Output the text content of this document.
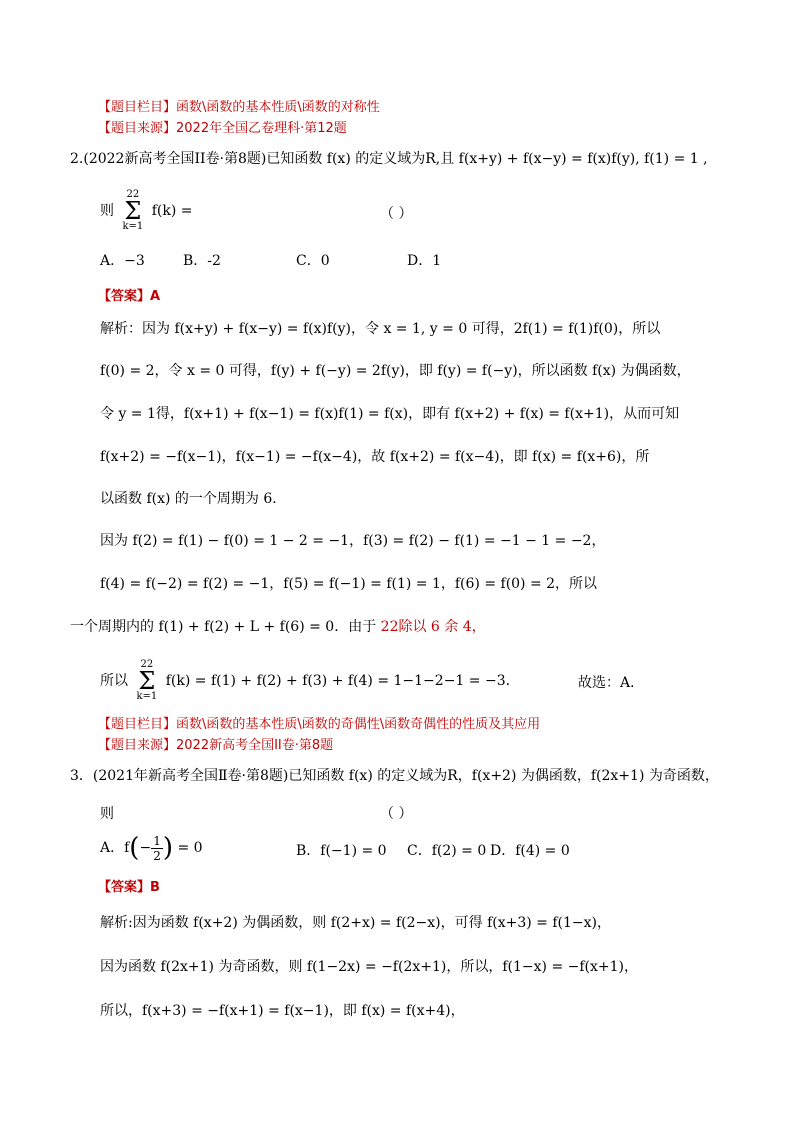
【题目栏目】函数\函数的基本性质\函数的对称性
【题目来源】2022年全国乙卷理科·第12题
2.(2022新高考全国II卷·第8题)已知函数 f(x) 的定义域为R,且 f(x+y) + f(x−y) = f(x)f(y), f(1) = 1 ,
则 22
Σ
k=1 f(k) =	（ ）
A．−3	B．-2	C．0	D．1
【答案】A
解析：因为 f(x+y) + f(x−y) = f(x)f(y)，令 x = 1, y = 0 可得，2f(1) = f(1)f(0)，所以
f(0) = 2，令 x = 0 可得，f(y) + f(−y) = 2f(y)，即 f(y) = f(−y)，所以函数 f(x) 为偶函数，
令 y = 1得，f(x+1) + f(x−1) = f(x)f(1) = f(x)，即有 f(x+2) + f(x) = f(x+1)，从而可知
f(x+2) = −f(x−1)，f(x−1) = −f(x−4)，故 f(x+2) = f(x−4)，即 f(x) = f(x+6)，所
以函数 f(x) 的一个周期为 6．
因为 f(2) = f(1) − f(0) = 1 − 2 = −1，f(3) = f(2) − f(1) = −1 − 1 = −2，
f(4) = f(−2) = f(2) = −1，f(5) = f(−1) = f(1) = 1，f(6) = f(0) = 2，所以
一个周期内的 f(1) + f(2) + L + f(6) = 0．由于 22除以 6 余 4，
所以 22
Σ
k=1 f(k) = f(1) + f(2) + f(3) + f(4) = 1−1−2−1 = −3．	故选：A．
【题目栏目】函数\函数的基本性质\函数的奇偶性\函数奇偶性的性质及其应用
【题目来源】2022新高考全国II卷·第8题
3．(2021年新高考全国Ⅱ卷·第8题)已知函数 f(x) 的定义域为R，f(x+2) 为偶函数，f(2x+1) 为奇函数，
则	（ ）
A．$f(- \frac{1}{2}$ ) = 0	B．f(−1) = 0 C．f(2) = 0 D．f(4) = 0
【答案】B
解析:因为函数 f(x+2) 为偶函数，则 f(2+x) = f(2−x)，可得 f(x+3) = f(1−x)，
因为函数 f(2x+1) 为奇函数，则 f(1−2x) = −f(2x+1)，所以，f(1−x) = −f(x+1)，
所以，f(x+3) = −f(x+1) = f(x−1)，即 f(x) = f(x+4)，
